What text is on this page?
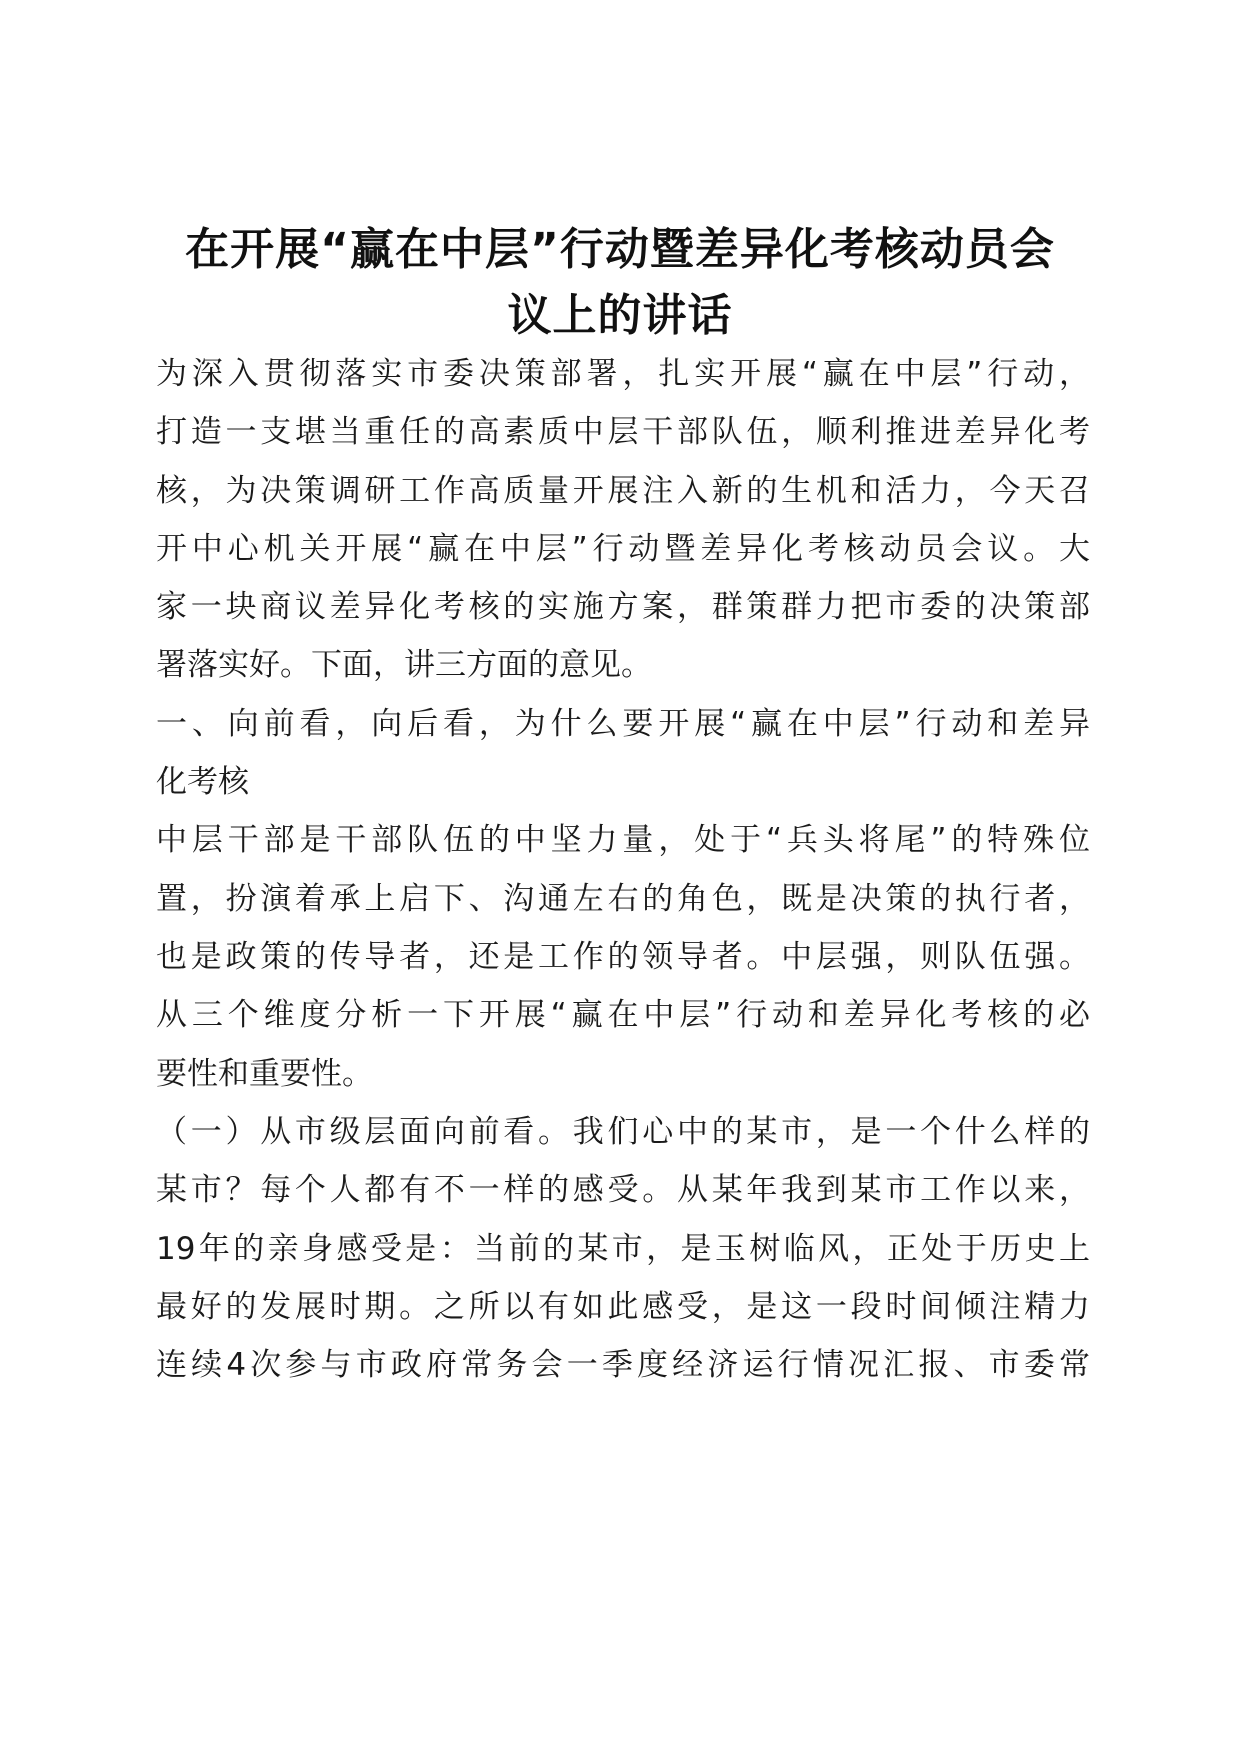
在开展“赢在中层”行动暨差异化考核动员会
议上的讲话
为深入贯彻落实市委决策部署，扎实开展“赢在中层”行动，
打造一支堪当重任的高素质中层干部队伍，顺利推进差异化考
核，为决策调研工作高质量开展注入新的生机和活力，今天召
开中心机关开展“赢在中层”行动暨差异化考核动员会议。大
家一块商议差异化考核的实施方案，群策群力把市委的决策部
署落实好。下面，讲三方面的意见。
一、向前看，向后看，为什么要开展“赢在中层”行动和差异
化考核
中层干部是干部队伍的中坚力量，处于“兵头将尾”的特殊位
置，扮演着承上启下、沟通左右的角色，既是决策的执行者，
也是政策的传导者，还是工作的领导者。中层强，则队伍强。
从三个维度分析一下开展“赢在中层”行动和差异化考核的必
要性和重要性。
（一）从市级层面向前看。我们心中的某市，是一个什么样的
某市？每个人都有不一样的感受。从某年我到某市工作以来，
19年的亲身感受是：当前的某市，是玉树临风，正处于历史上
最好的发展时期。之所以有如此感受，是这一段时间倾注精力
连续4次参与市政府常务会一季度经济运行情况汇报、市委常
